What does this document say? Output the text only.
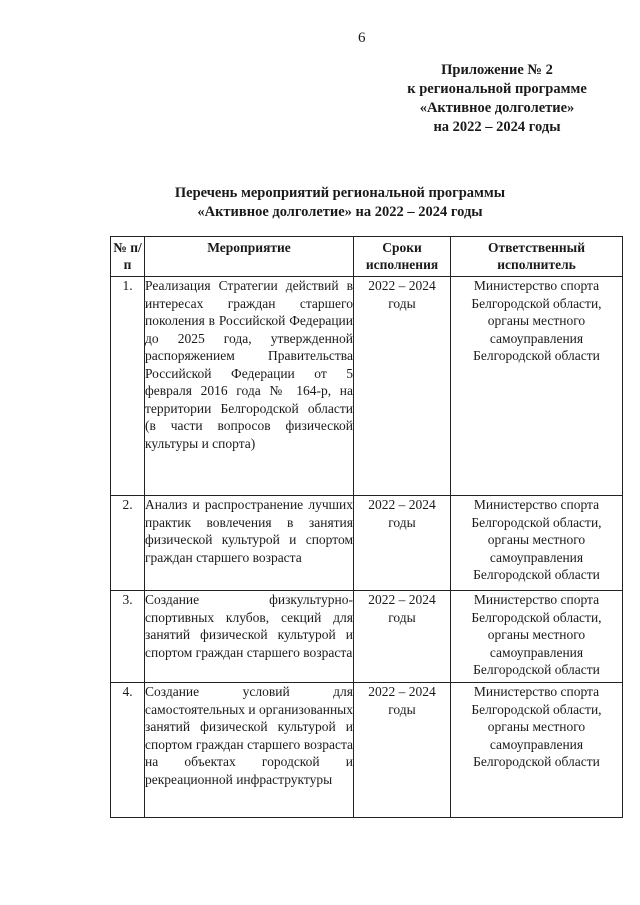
6
Приложение № 2
к региональной программе
«Активное долголетие»
на 2022 – 2024 годы
Перечень мероприятий региональной программы
«Активное долголетие» на 2022 – 2024 годы
№ п/п	Мероприятие	Сроки исполнения	Ответственный исполнитель
1.	Реализация Стратегии действий в интересах граждан старшего поколения в Российской Федерации до 2025 года, утвержденной распоряжением Правительства Российской Федерации от 5 февраля 2016 года № 164-р, на территории Белгородской области (в части вопросов физической культуры и спорта)	2022 – 2024 годы	Министерство спорта Белгородской области, органы местного самоуправления Белгородской области
2.	Анализ и распространение лучших практик вовлечения в занятия физической культурой и спортом граждан старшего возраста	2022 – 2024 годы	Министерство спорта Белгородской области, органы местного самоуправления Белгородской области
3.	Создание физкультурно-спортивных клубов, секций для занятий физической культурой и спортом граждан старшего возраста	2022 – 2024 годы	Министерство спорта Белгородской области, органы местного самоуправления Белгородской области
4.	Создание условий для самостоятельных и организованных занятий физической культурой и спортом граждан старшего возраста на объектах городской и рекреационной инфраструктуры	2022 – 2024 годы	Министерство спорта Белгородской области, органы местного самоуправления Белгородской области
